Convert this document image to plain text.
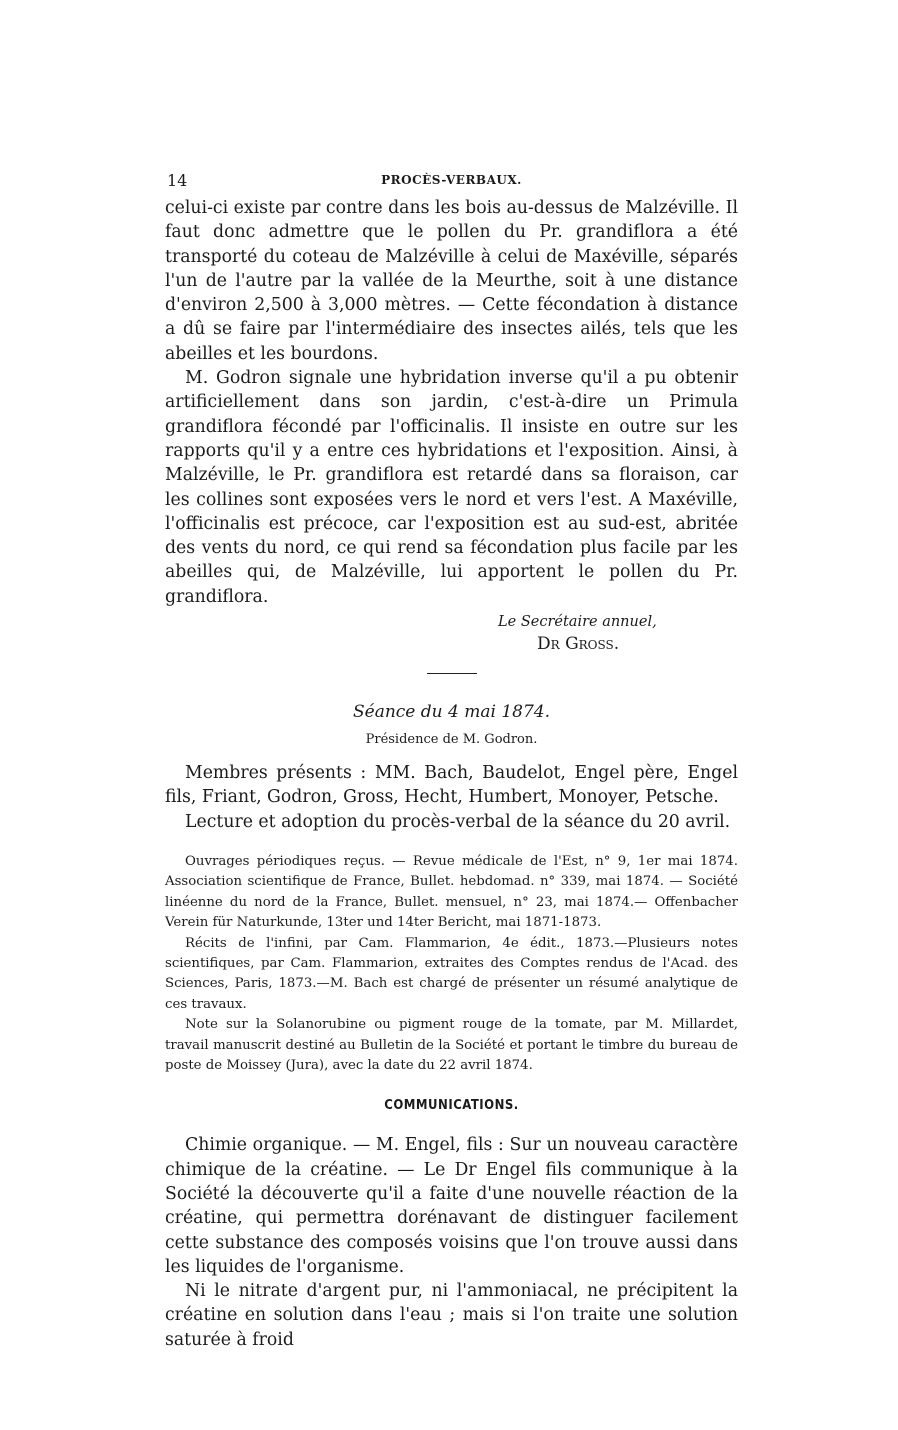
14	PROCÈS-VERBAUX.

celui-ci existe par contre dans les bois au-dessus de Malzéville. Il faut donc admettre que le pollen du Pr. grandiflora a été transporté du coteau de Malzéville à celui de Maxéville, séparés l'un de l'autre par la vallée de la Meurthe, soit à une distance d'environ 2,500 à 3,000 mètres. — Cette fécondation à distance a dû se faire par l'intermédiaire des insectes ailés, tels que les abeilles et les bourdons.

M. Godron signale une hybridation inverse qu'il a pu obtenir artificiellement dans son jardin, c'est-à-dire un Primula grandiflora fécondé par l'officinalis. Il insiste en outre sur les rapports qu'il y a entre ces hybridations et l'exposition. Ainsi, à Malzéville, le Pr. grandiflora est retardé dans sa floraison, car les collines sont exposées vers le nord et vers l'est. A Maxéville, l'officinalis est précoce, car l'exposition est au sud-est, abritée des vents du nord, ce qui rend sa fécondation plus facile par les abeilles qui, de Malzéville, lui apportent le pollen du Pr. grandiflora.

Le Secrétaire annuel,
Dr Gross.
Séance du 4 mai 1874.
Présidence de M. Godron.

Membres présents : MM. Bach, Baudelot, Engel père, Engel fils, Friant, Godron, Gross, Hecht, Humbert, Monoyer, Petsche.

Lecture et adoption du procès-verbal de la séance du 20 avril.

Ouvrages périodiques reçus. — Revue médicale de l'Est, n° 9, 1er mai 1874. Association scientifique de France, Bullet. hebdomad. n° 339, mai 1874. — Société linéenne du nord de la France, Bullet. mensuel, n° 23, mai 1874.— Offenbacher Verein für Naturkunde, 13ter und 14ter Bericht, mai 1871-1873.

Récits de l'infini, par Cam. Flammarion, 4e édit., 1873.—Plusieurs notes scientifiques, par Cam. Flammarion, extraites des Comptes rendus de l'Acad. des Sciences, Paris, 1873.—M. Bach est chargé de présenter un résumé analytique de ces travaux.

Note sur la Solanorubine ou pigment rouge de la tomate, par M. Millardet, travail manuscrit destiné au Bulletin de la Société et portant le timbre du bureau de poste de Moissey (Jura), avec la date du 22 avril 1874.

COMMUNICATIONS.

Chimie organique. — M. Engel, fils : Sur un nouveau caractère chimique de la créatine. — Le Dr Engel fils communique à la Société la découverte qu'il a faite d'une nouvelle réaction de la créatine, qui permettra dorénavant de distinguer facilement cette substance des composés voisins que l'on trouve aussi dans les liquides de l'organisme.

Ni le nitrate d'argent pur, ni l'ammoniacal, ne précipitent la créatine en solution dans l'eau ; mais si l'on traite une solution saturée à froid
